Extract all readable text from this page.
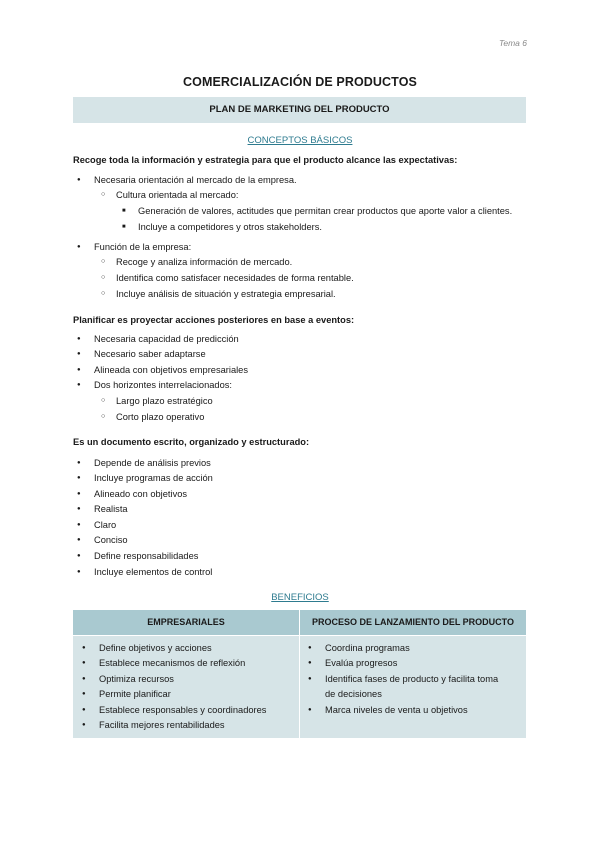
Tema 6
COMERCIALIZACIÓN DE PRODUCTOS
PLAN DE MARKETING DEL PRODUCTO
CONCEPTOS BÁSICOS
Recoge toda la información y estrategia para que el producto alcance las expectativas:
● Necesaria orientación al mercado de la empresa.
○ Cultura orientada al mercado:
■ Generación de valores, actitudes que permitan crear productos que aporte valor a clientes.
■ Incluye a competidores y otros stakeholders.
● Función de la empresa:
○ Recoge y analiza información de mercado.
○ Identifica como satisfacer necesidades de forma rentable.
○ Incluye análisis de situación y estrategia empresarial.
Planificar es proyectar acciones posteriores en base a eventos:
● Necesaria capacidad de predicción
● Necesario saber adaptarse
● Alineada con objetivos empresariales
● Dos horizontes interrelacionados:
○ Largo plazo estratégico
○ Corto plazo operativo
Es un documento escrito, organizado y estructurado:
● Depende de análisis previos
● Incluye programas de acción
● Alineado con objetivos
● Realista
● Claro
● Conciso
● Define responsabilidades
● Incluye elementos de control
BENEFICIOS
EMPRESARIALES	PROCESO DE LANZAMIENTO DEL PRODUCTO
● Define objetivos y acciones
● Establece mecanismos de reflexión
● Optimiza recursos
● Permite planificar
● Establece responsables y coordinadores
● Facilita mejores rentabilidades
● Coordina programas
● Evalúa progresos
● Identifica fases de producto y facilita toma
de decisiones
● Marca niveles de venta u objetivos
